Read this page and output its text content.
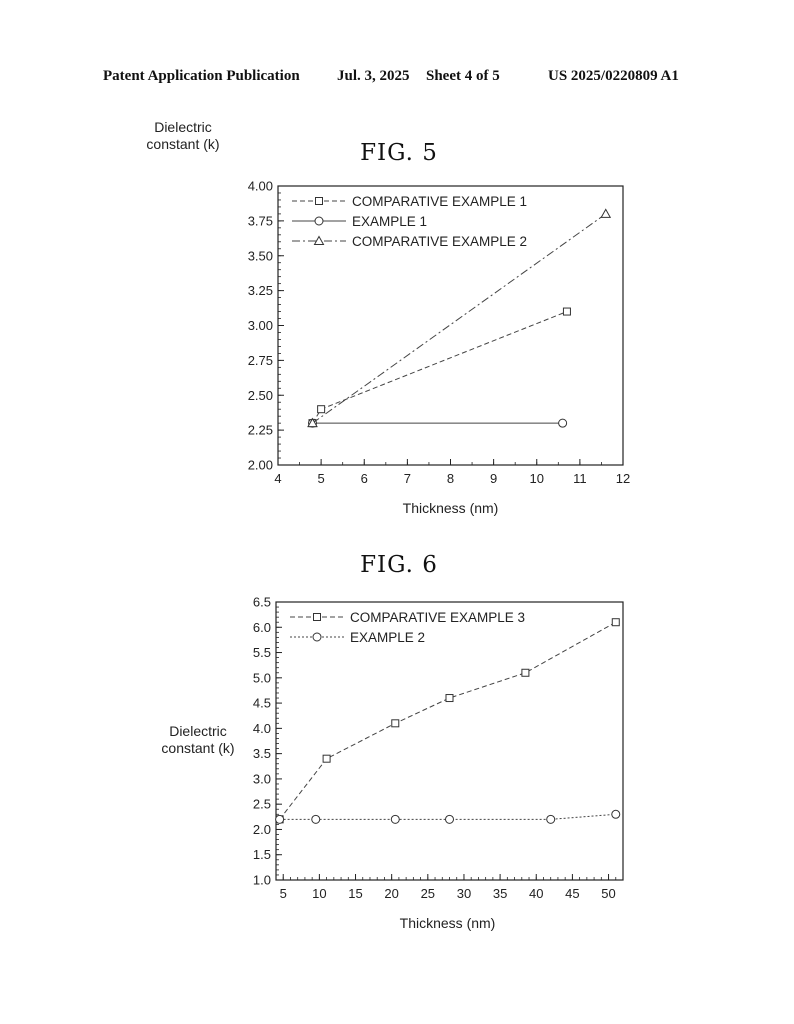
Patent Application Publication Jul. 3, 2025 Sheet 4 of 5	US 2025/0220809 A1
FIG. 5
4	5	6	7	8	9 10 11 12
2.00
2.25
2.50
2.75
3.00
3.25
3.50
3.75
4.00
Thickness (nm)
Dielectric
constant (k)
COMPARATIVE EXAMPLE 1
EXAMPLE 1
COMPARATIVE EXAMPLE 2
FIG. 6
5 10 15 20 25 30 35 40 45 50
1.0
1.5
2.0
2.5
3.0
3.5
4.0
4.5
5.0
5.5
6.0
6.5
Thickness (nm)
Dielectric
constant (k)
COMPARATIVE EXAMPLE 3
EXAMPLE 2
